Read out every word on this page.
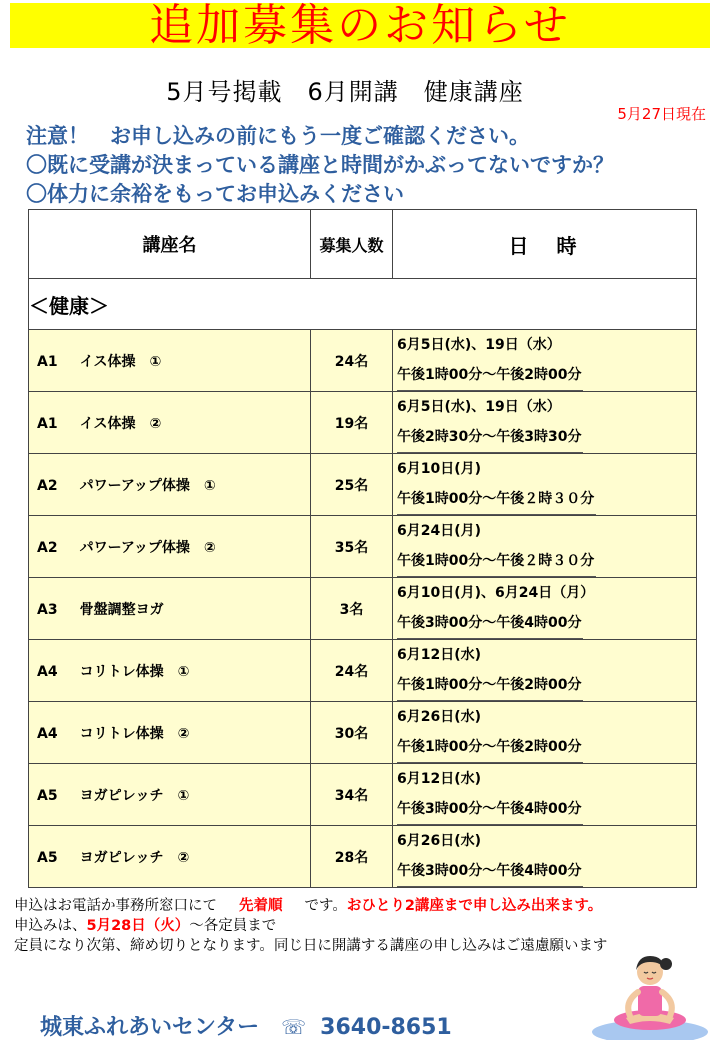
追加募集のお知らせ
5月号掲載　6月開講　健康講座
5月27日現在
注意！　お申し込みの前にもう一度ご確認ください。
〇既に受講が決まっている講座と時間がかぶってないですか？
〇体力に余裕をもってお申込みください
講座名	募集人数	日　時
＜健康＞		
A1 イス体操　①	24名	6月5日(水)、19日（水）
午後1時00分～午後2時00分
A1 イス体操　②	19名	6月5日(水)、19日（水）
午後2時30分～午後3時30分
A2 パワーアップ体操　①	25名	6月10日(月)
午後1時00分～午後２時３０分
A2 パワーアップ体操　②	35名	6月24日(月)
午後1時00分～午後２時３０分
A3 骨盤調整ヨガ	3名	6月10日(月)、6月24日（月）
午後3時00分～午後4時00分
A4 コリトレ体操　①	24名	6月12日(水)
午後1時00分～午後2時00分
A4 コリトレ体操　②	30名	6月26日(水)
午後1時00分～午後2時00分
A5 ヨガピレッチ　①	34名	6月12日(水)
午後3時00分～午後4時00分
A5 ヨガピレッチ　②	28名	6月26日(水)
午後3時00分～午後4時00分
申込はお電話か事務所窓口にて 先着順 です。おひとり2講座まで申し込み出来ます。
申込みは、5月28日（火）～各定員まで
定員になり次第、締め切りとなります。同じ日に開講する講座の申し込みはご遠慮願います
城東ふれあいセンター ☏ 3640-8651
